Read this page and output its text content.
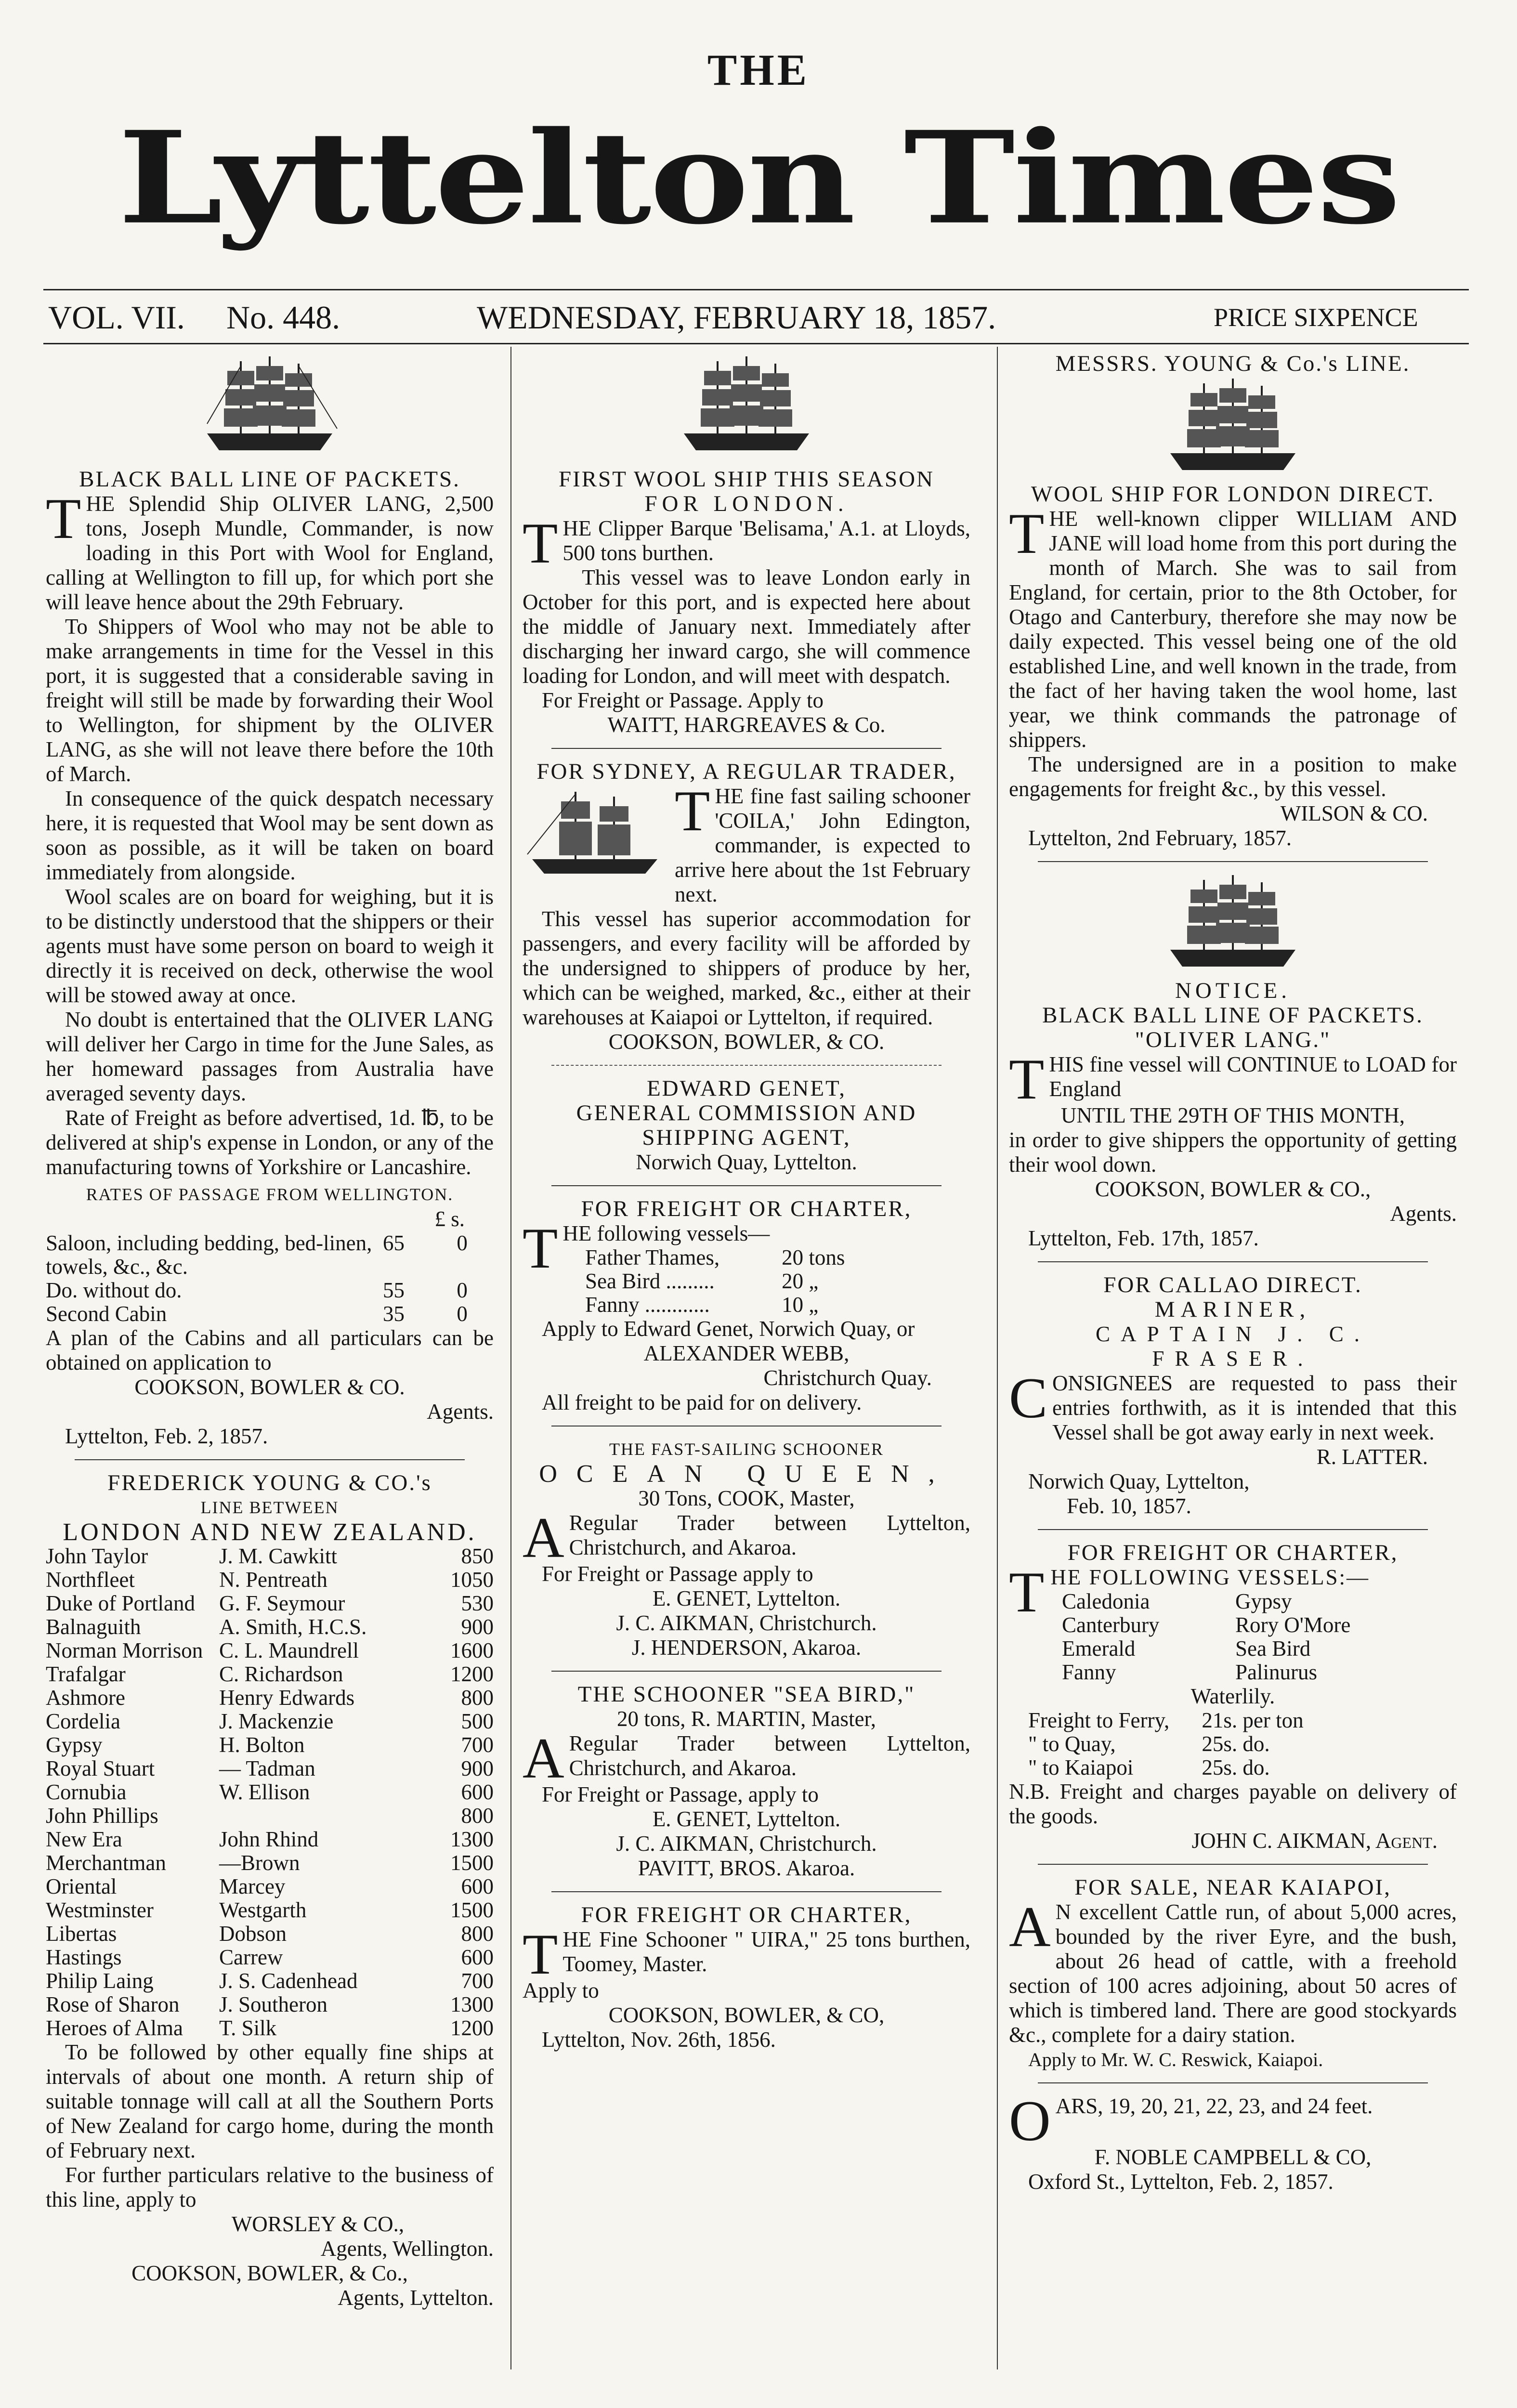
THE
Lyttelton Times
VOL. VII. No. 448.	WEDNESDAY, FEBRUARY 18, 1857.	PRICE SIXPENCE

BLACK BALL LINE OF PACKETS.

THE Splendid Ship OLIVER LANG, 2,500 tons, Joseph Mundle, Commander, is now loading in this Port with Wool for England, calling at Wellington to fill up, for which port she will leave hence about the 29th February.

To Shippers of Wool who may not be able to make arrangements in time for the Vessel in this port, it is suggested that a considerable saving in freight will still be made by forwarding their Wool to Wellington, for shipment by the OLIVER LANG, as she will not leave there before the 10th of March.

In consequence of the quick despatch necessary here, it is requested that Wool may be sent down as soon as possible, as it will be taken on board immediately from alongside.

Wool scales are on board for weighing, but it is to be distinctly understood that the shippers or their agents must have some person on board to weigh it directly it is received on deck, otherwise the wool will be stowed away at once.

No doubt is entertained that the OLIVER LANG will deliver her Cargo in time for the June Sales, as her homeward passages from Australia have averaged seventy days.

Rate of Freight as before advertised, 1d. ℔, to be delivered at ship's expense in London, or any of the manufacturing towns of Yorkshire or Lancashire.

RATES OF PASSAGE FROM WELLINGTON.

£ s.

Saloon, including bedding, bed-linen, towels, &c., &c.	65	0
Do. without do.	55	0
Second Cabin	35	0

A plan of the Cabins and all particulars can be obtained on application to

COOKSON, BOWLER & CO.

Agents.

Lyttelton, Feb. 2, 1857.

FREDERICK YOUNG & CO.'s

LINE BETWEEN

LONDON AND NEW ZEALAND.

John Taylor	J. M. Cawkitt	850
Northfleet	N. Pentreath	1050
Duke of Portland	G. F. Seymour	530
Balnaguith	A. Smith, H.C.S.	900
Norman Morrison	C. L. Maundrell	1600
Trafalgar	C. Richardson	1200
Ashmore	Henry Edwards	800
Cordelia	J. Mackenzie	500
Gypsy	H. Bolton	700
Royal Stuart	— Tadman	900
Cornubia	W. Ellison	600
John Phillips		800
New Era	John Rhind	1300
Merchantman	—Brown	1500
Oriental	Marcey	600
Westminster	Westgarth	1500
Libertas	Dobson	800
Hastings	Carrew	600
Philip Laing	J. S. Cadenhead	700
Rose of Sharon	J. Southeron	1300
Heroes of Alma	T. Silk	1200

To be followed by other equally fine ships at intervals of about one month. A return ship of suitable tonnage will call at all the Southern Ports of New Zealand for cargo home, during the month of February next.

For further particulars relative to the business of this line, apply to

WORSLEY & CO.,

Agents, Wellington.

COOKSON, BOWLER, & Co.,

Agents, Lyttelton.

FIRST WOOL SHIP THIS SEASON

FOR LONDON.

THE Clipper Barque 'Belisama,' A.1. at Lloyds, 500 tons burthen.

This vessel was to leave London early in October for this port, and is expected here about the middle of January next. Immediately after discharging her inward cargo, she will commence loading for London, and will meet with despatch.

For Freight or Passage. Apply to

WAITT, HARGREAVES & Co.

FOR SYDNEY, A REGULAR TRADER,

THE fine fast sailing schooner 'COILA,' John Edington, commander, is expected to arrive here about the 1st February next.

This vessel has superior accommodation for passengers, and every facility will be afforded by the undersigned to shippers of produce by her, which can be weighed, marked, &c., either at their warehouses at Kaiapoi or Lyttelton, if required.

COOKSON, BOWLER, & CO.

EDWARD GENET,

GENERAL COMMISSION AND

SHIPPING AGENT,

Norwich Quay, Lyttelton.

FOR FREIGHT OR CHARTER,

THE following vessels—

Father Thames,	20 tons
Sea Bird .........	20 „
Fanny ............	10 „

Apply to Edward Genet, Norwich Quay, or

ALEXANDER WEBB,

Christchurch Quay.

All freight to be paid for on delivery.

THE FAST-SAILING SCHOONER

OCEAN QUEEN,

30 Tons, COOK, Master,

A Regular Trader between Lyttelton, Christchurch, and Akaroa.

For Freight or Passage apply to

E. GENET, Lyttelton.

J. C. AIKMAN, Christchurch.

J. HENDERSON, Akaroa.

THE SCHOONER "SEA BIRD,"

20 tons, R. MARTIN, Master,

A Regular Trader between Lyttelton, Christchurch, and Akaroa.

For Freight or Passage, apply to

E. GENET, Lyttelton.

J. C. AIKMAN, Christchurch.

PAVITT, BROS. Akaroa.

FOR FREIGHT OR CHARTER,

THE Fine Schooner " UIRA," 25 tons burthen, Toomey, Master.

Apply to

COOKSON, BOWLER, & CO,

Lyttelton, Nov. 26th, 1856.

MESSRS. YOUNG & Co.'s LINE.

WOOL SHIP FOR LONDON DIRECT.

THE well-known clipper WILLIAM AND JANE will load home from this port during the month of March. She was to sail from England, for certain, prior to the 8th October, for Otago and Canterbury, therefore she may now be daily expected. This vessel being one of the old established Line, and well known in the trade, from the fact of her having taken the wool home, last year, we think commands the patronage of shippers.

The undersigned are in a position to make engagements for freight &c., by this vessel.

WILSON & CO.

Lyttelton, 2nd February, 1857.

NOTICE.

BLACK BALL LINE OF PACKETS.

"OLIVER LANG."

THIS fine vessel will CONTINUE to LOAD for England

UNTIL THE 29TH OF THIS MONTH,

in order to give shippers the opportunity of getting their wool down.

COOKSON, BOWLER & CO.,

Agents.

Lyttelton, Feb. 17th, 1857.

FOR CALLAO DIRECT.

MARINER,

CAPTAIN J. C. FRASER.

CONSIGNEES are requested to pass their entries forthwith, as it is intended that this Vessel shall be got away early in next week.

R. LATTER.

Norwich Quay, Lyttelton,

Feb. 10, 1857.

FOR FREIGHT OR CHARTER,

THE FOLLOWING VESSELS:—

Caledonia	Gypsy
Canterbury	Rory O'More
Emerald	Sea Bird
Fanny	Palinurus

Waterlily.

Freight to Ferry,	21s. per ton
" to Quay,	25s. do.
" to Kaiapoi	25s. do.

N.B. Freight and charges payable on delivery of the goods.

JOHN C. AIKMAN, Agent.

FOR SALE, NEAR KAIAPOI,

A N excellent Cattle run, of about 5,000 acres, bounded by the river Eyre, and the bush, about 26 head of cattle, with a freehold section of 100 acres adjoining, about 50 acres of which is timbered land. There are good stockyards &c., complete for a dairy station.

Apply to Mr. W. C. Reswick, Kaiapoi.

OARS, 19, 20, 21, 22, 23, and 24 feet.

F. NOBLE CAMPBELL & CO,

Oxford St., Lyttelton, Feb. 2, 1857.
